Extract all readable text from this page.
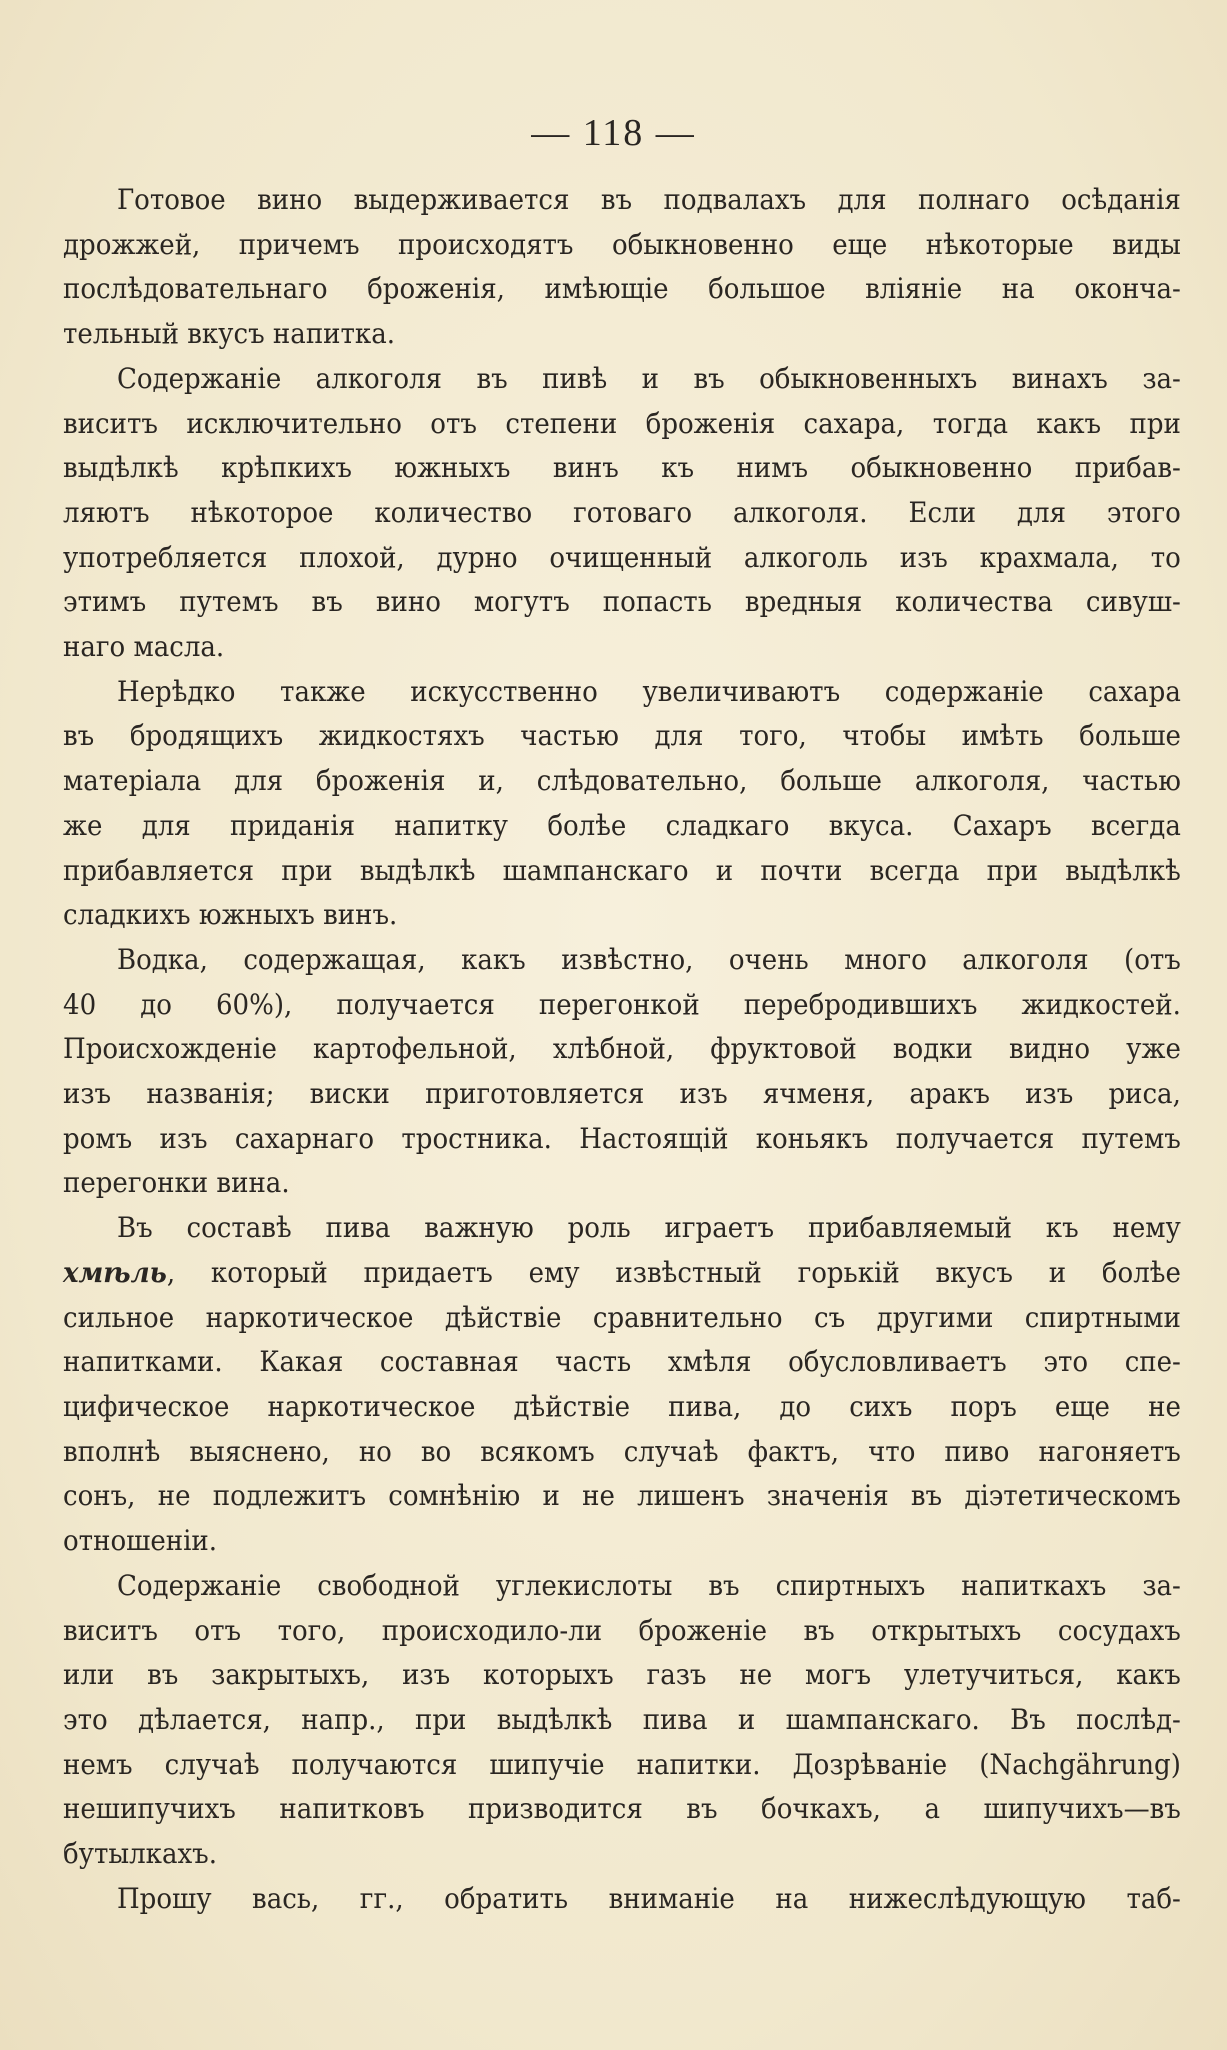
— 118 —
Готовое вино выдерживается въ подвалахъ для полнаго осѣданія
дрожжей, причемъ происходятъ обыкновенно еще нѣкоторые виды
послѣдовательнаго броженія, имѣющіе большое вліяніе на оконча-
тельный вкусъ напитка.
Содержаніе алкоголя въ пивѣ и въ обыкновенныхъ винахъ за-
виситъ исключительно отъ степени броженія сахара, тогда какъ при
выдѣлкѣ крѣпкихъ южныхъ винъ къ нимъ обыкновенно прибав-
ляютъ нѣкоторое количество готоваго алкоголя. Если для этого
употребляется плохой, дурно очищенный алкоголь изъ крахмала, то
этимъ путемъ въ вино могутъ попасть вредныя количества сивуш-
наго масла.
Нерѣдко также искусственно увеличиваютъ содержаніе сахара
въ бродящихъ жидкостяхъ частью для того, чтобы имѣть больше
матеріала для броженія и, слѣдовательно, больше алкоголя, частью
же для приданія напитку болѣе сладкаго вкуса. Сахаръ всегда
прибавляется при выдѣлкѣ шампанскаго и почти всегда при выдѣлкѣ
сладкихъ южныхъ винъ.
Водка, содержащая, какъ извѣстно, очень много алкоголя (отъ
40 до 60%), получается перегонкой перебродившихъ жидкостей.
Происхожденіе картофельной, хлѣбной, фруктовой водки видно уже
изъ названія; виски приготовляется изъ ячменя, аракъ изъ риса,
ромъ изъ сахарнаго тростника. Настоящій коньякъ получается путемъ
перегонки вина.
Въ составѣ пива важную роль играетъ прибавляемый къ нему
хмѣль, который придаетъ ему извѣстный горькій вкусъ и болѣе
сильное наркотическое дѣйствіе сравнительно съ другими спиртными
напитками. Какая составная часть хмѣля обусловливаетъ это спе-
цифическое наркотическое дѣйствіе пива, до сихъ поръ еще не
вполнѣ выяснено, но во всякомъ случаѣ фактъ, что пиво нагоняетъ
сонъ, не подлежитъ сомнѣнію и не лишенъ значенія въ діэтетическомъ
отношеніи.
Содержаніе свободной углекислоты въ спиртныхъ напиткахъ за-
виситъ отъ того, происходило-ли броженіе въ открытыхъ сосудахъ
или въ закрытыхъ, изъ которыхъ газъ не могъ улетучиться, какъ
это дѣлается, напр., при выдѣлкѣ пива и шампанскаго. Въ послѣд-
немъ случаѣ получаются шипучіе напитки. Дозрѣваніе (Nachgährung)
нешипучихъ напитковъ призводится въ бочкахъ, а шипучихъ—въ
бутылкахъ.
Прошу вась, гг., обратить вниманіе на нижеслѣдующую таб-
